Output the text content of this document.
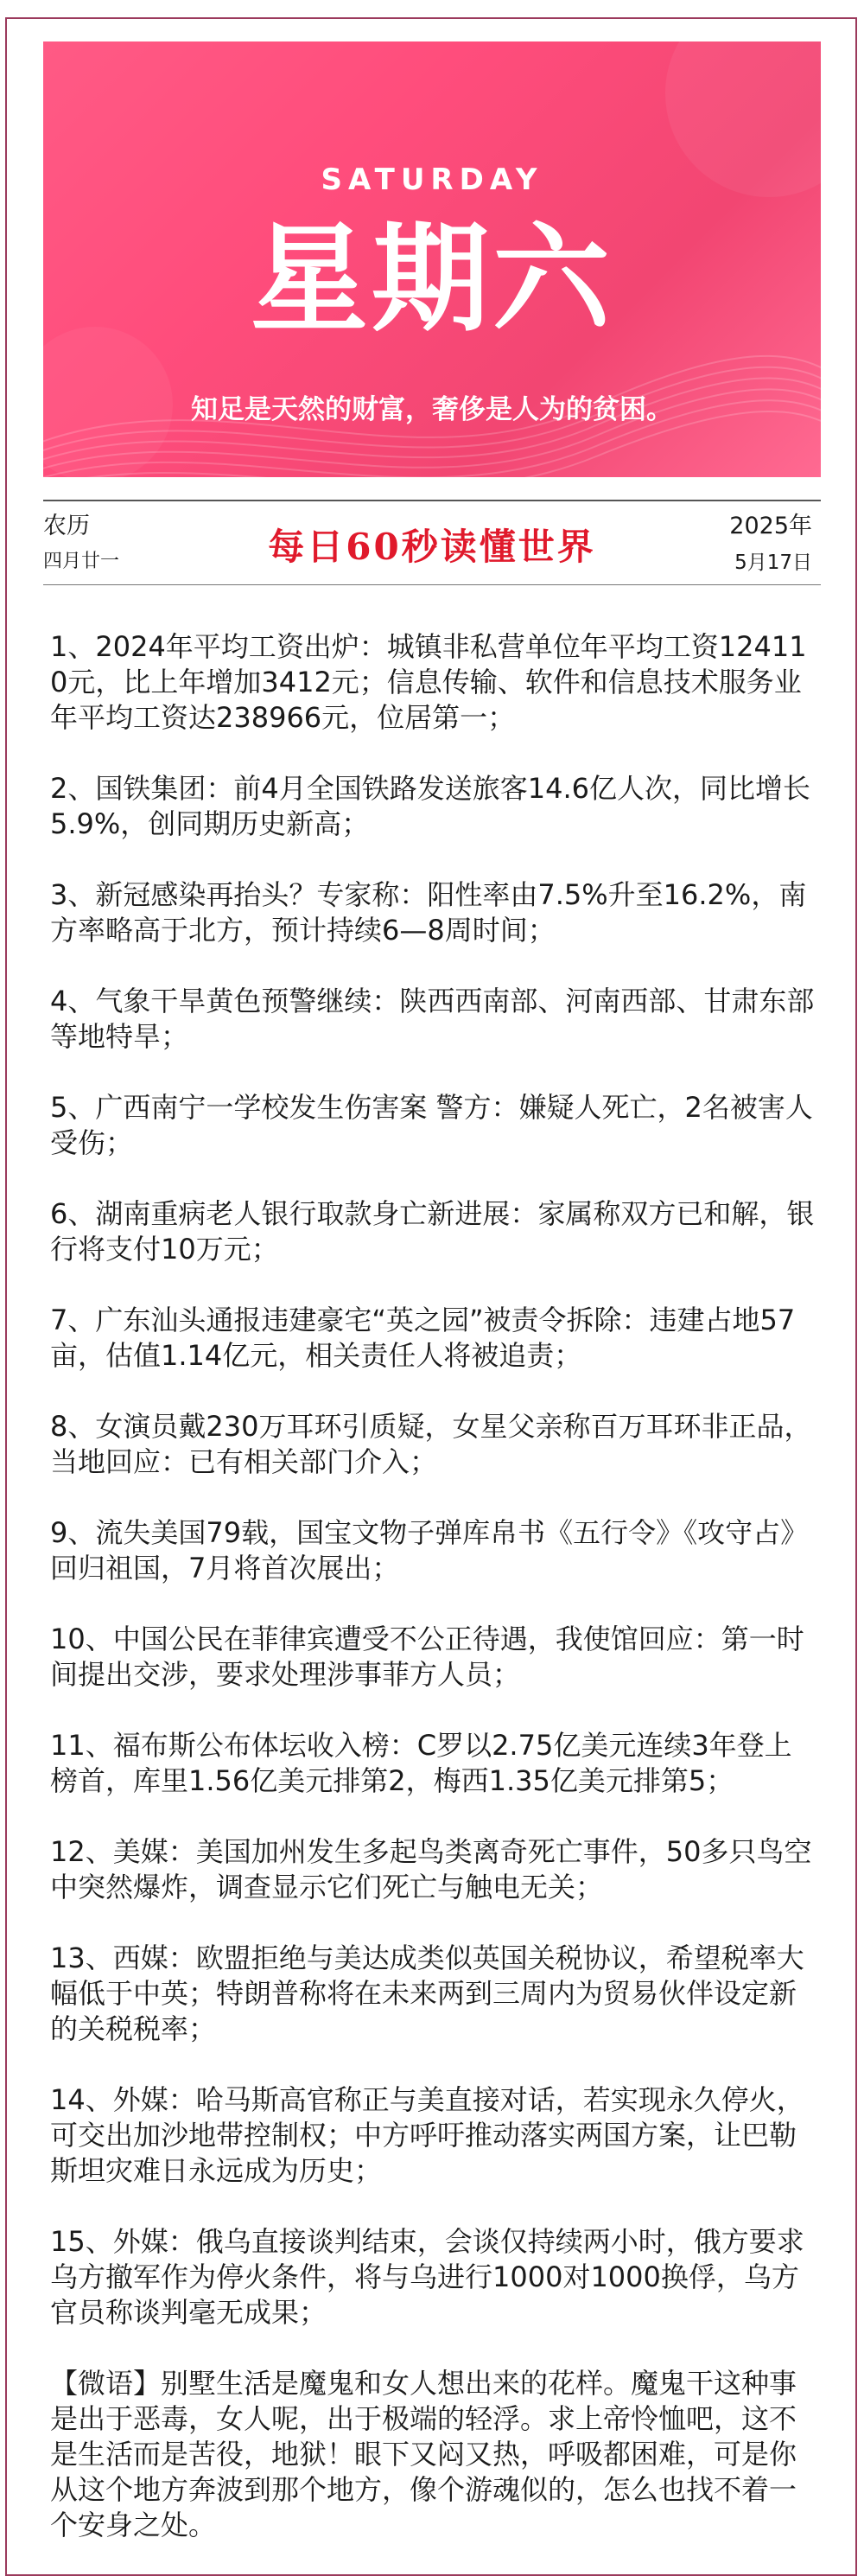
SATURDAY
星期六
知足是天然的财富，奢侈是人为的贫困。
农历
四月廿一	每日60秒读懂世界	2025年
5月17日

1、2024年平均工资出炉：城镇非私营单位年平均工资124110元，比上年增加3412元；信息传输、软件和信息技术服务业年平均工资达238966元，位居第一；

2、国铁集团：前4月全国铁路发送旅客14.6亿人次，同比增长 5.9%，创同期历史新高；

3、新冠感染再抬头？专家称：阳性率由7.5%升至16.2%，南方率略高于北方，预计持续6—8周时间；

4、气象干旱黄色预警继续：陕西西南部、河南西部、甘肃东部等地特旱；

5、广西南宁一学校发生伤害案 警方：嫌疑人死亡，2名被害人受伤；

6、湖南重病老人银行取款身亡新进展：家属称双方已和解，银行将支付10万元；

7、广东汕头通报违建豪宅“英之园”被责令拆除：违建占地57亩，估值1.14亿元，相关责任人将被追责；

8、女演员戴230万耳环引质疑，女星父亲称百万耳环非正品，当地回应：已有相关部门介入；

9、流失美国79载，国宝文物子弹库帛书《五行令》《攻守占》回归祖国，7月将首次展出；

10、中国公民在菲律宾遭受不公正待遇，我使馆回应：第一时间提出交涉，要求处理涉事菲方人员；

11、福布斯公布体坛收入榜：C罗以2.75亿美元连续3年登上榜首，库里1.56亿美元排第2，梅西1.35亿美元排第5；

12、美媒：美国加州发生多起鸟类离奇死亡事件，50多只鸟空中突然爆炸，调查显示它们死亡与触电无关；

13、西媒：欧盟拒绝与美达成类似英国关税协议，希望税率大幅低于中英；特朗普称将在未来两到三周内为贸易伙伴设定新的关税税率；

14、外媒：哈马斯高官称正与美直接对话，若实现永久停火，可交出加沙地带控制权；中方呼吁推动落实两国方案，让巴勒斯坦灾难日永远成为历史；

15、外媒：俄乌直接谈判结束，会谈仅持续两小时，俄方要求乌方撤军作为停火条件，将与乌进行1000对1000换俘，乌方官员称谈判毫无成果；

【微语】别墅生活是魔鬼和女人想出来的花样。魔鬼干这种事是出于恶毒，女人呢，出于极端的轻浮。求上帝怜恤吧，这不是生活而是苦役，地狱！眼下又闷又热，呼吸都困难，可是你从这个地方奔波到那个地方，像个游魂似的，怎么也找不着一个安身之处。
